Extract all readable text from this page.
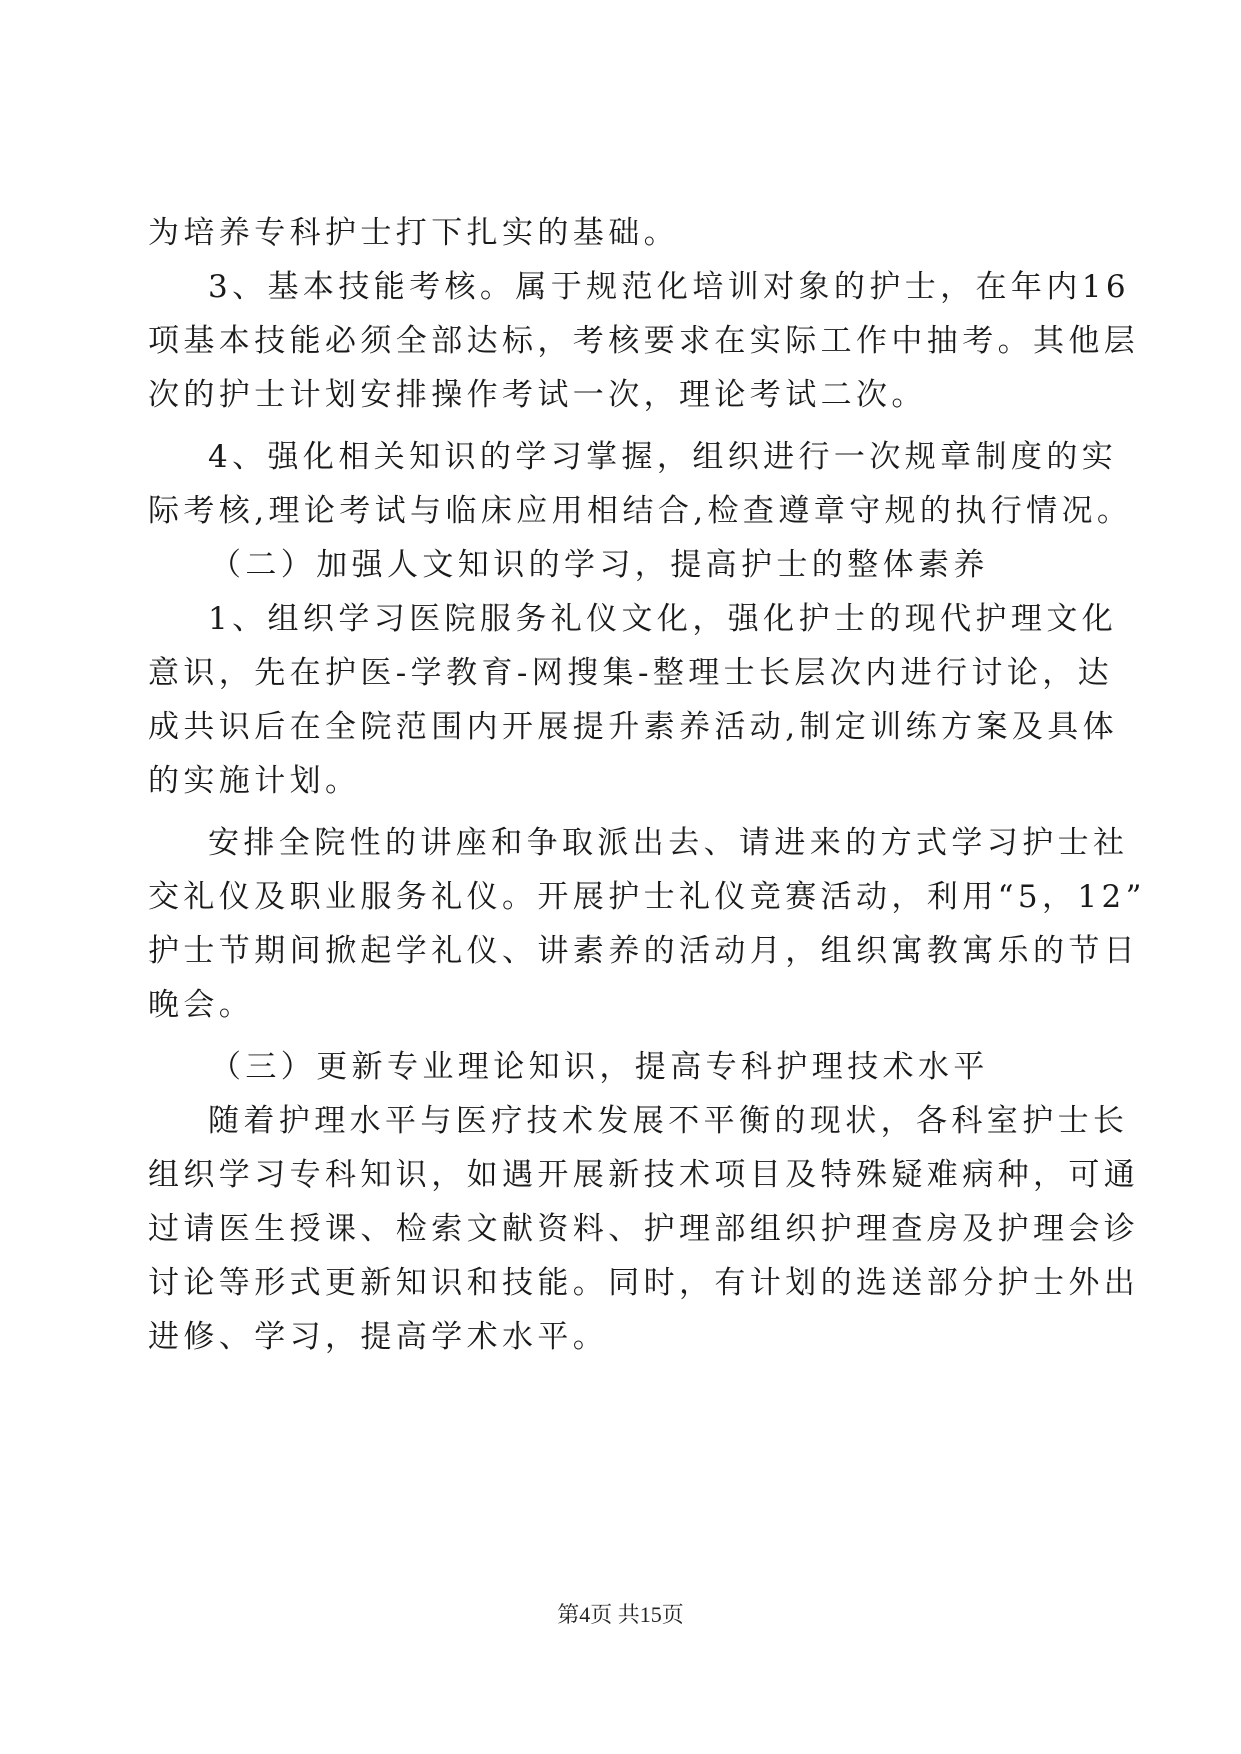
为培养专科护士打下扎实的基础。
3、基本技能考核。属于规范化培训对象的护士，在年内16
项基本技能必须全部达标，考核要求在实际工作中抽考。其他层
次的护士计划安排操作考试一次，理论考试二次。
4、强化相关知识的学习掌握，组织进行一次规章制度的实
际考核,理论考试与临床应用相结合,检查遵章守规的执行情况。
（二）加强人文知识的学习，提高护士的整体素养
1、组织学习医院服务礼仪文化，强化护士的现代护理文化
意识，先在护医-学教育-网搜集-整理士长层次内进行讨论，达
成共识后在全院范围内开展提升素养活动,制定训练方案及具体
的实施计划。
安排全院性的讲座和争取派出去、请进来的方式学习护士社
交礼仪及职业服务礼仪。开展护士礼仪竞赛活动，利用“5，12”
护士节期间掀起学礼仪、讲素养的活动月，组织寓教寓乐的节日
晚会。
（三）更新专业理论知识，提高专科护理技术水平
随着护理水平与医疗技术发展不平衡的现状，各科室护士长
组织学习专科知识，如遇开展新技术项目及特殊疑难病种，可通
过请医生授课、检索文献资料、护理部组织护理查房及护理会诊
讨论等形式更新知识和技能。同时，有计划的选送部分护士外出
进修、学习，提高学术水平。
第4页 共15页
